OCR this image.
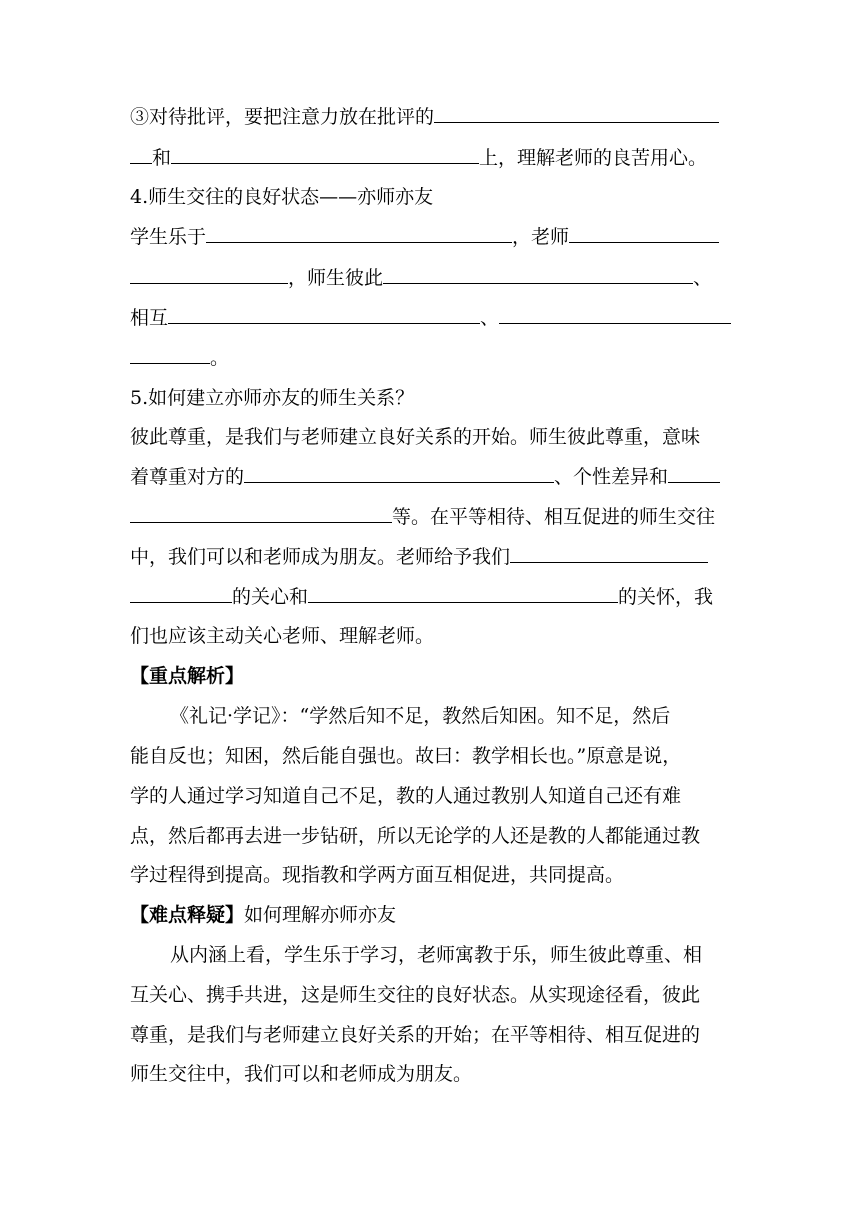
③对待批评，要把注意力放在批评的
和	上，理解老师的良苦用心。
4.师生交往的良好状态——亦师亦友
学生乐于	，老师
，师生彼此	、
相互	、
。
5.如何建立亦师亦友的师生关系？
彼此尊重，是我们与老师建立良好关系的开始。师生彼此尊重，意味
着尊重对方的	、个性差异和
等。在平等相待、相互促进的师生交往
中，我们可以和老师成为朋友。老师给予我们
的关心和	的关怀，我
们也应该主动关心老师、理解老师。
【重点解析】
《礼记·学记》：“学然后知不足，教然后知困。知不足，然后
能自反也；知困，然后能自强也。故曰：教学相长也。”原意是说，
学的人通过学习知道自己不足，教的人通过教别人知道自己还有难
点，然后都再去进一步钻研，所以无论学的人还是教的人都能通过教
学过程得到提高。现指教和学两方面互相促进，共同提高。
【难点释疑】如何理解亦师亦友
从内涵上看，学生乐于学习，老师寓教于乐，师生彼此尊重、相
互关心、携手共进，这是师生交往的良好状态。从实现途径看，彼此
尊重，是我们与老师建立良好关系的开始；在平等相待、相互促进的
师生交往中，我们可以和老师成为朋友。
